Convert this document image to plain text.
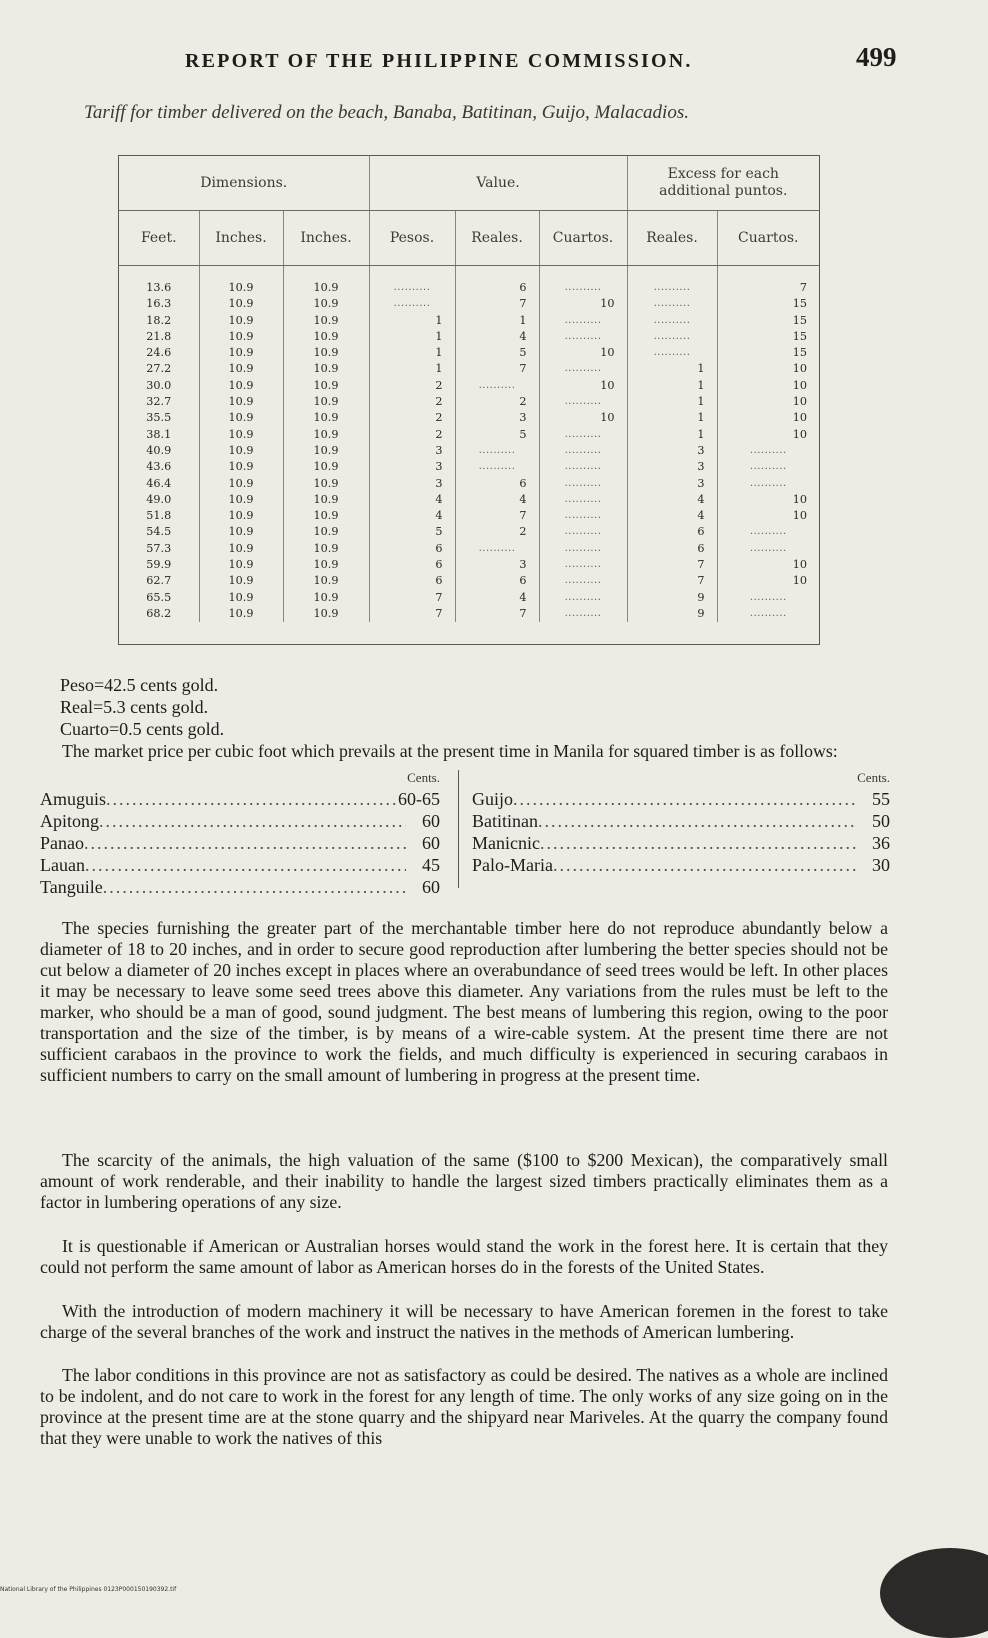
REPORT OF THE PHILIPPINE COMMISSION.	499
Tariff for timber delivered on the beach, Banaba, Batitinan, Guijo, Malacadios.
Dimensions.			Value.			Excess for each additional puntos.	
Feet.	Inches.	Inches.	Pesos.	Reales.	Cuartos.	Reales.	Cuartos.
13.6	10.9	10.9	..........	6	..........	..........	7
16.3	10.9	10.9	..........	7	10	..........	15
18.2	10.9	10.9	1	1	..........	..........	15
21.8	10.9	10.9	1	4	..........	..........	15
24.6	10.9	10.9	1	5	10	..........	15
27.2	10.9	10.9	1	7	..........	1	10
30.0	10.9	10.9	2	..........	10	1	10
32.7	10.9	10.9	2	2	..........	1	10
35.5	10.9	10.9	2	3	10	1	10
38.1	10.9	10.9	2	5	..........	1	10
40.9	10.9	10.9	3	..........	..........	3	..........
43.6	10.9	10.9	3	..........	..........	3	..........
46.4	10.9	10.9	3	6	..........	3	..........
49.0	10.9	10.9	4	4	..........	4	10
51.8	10.9	10.9	4	7	..........	4	10
54.5	10.9	10.9	5	2	..........	6	..........
57.3	10.9	10.9	6	..........	..........	6	..........
59.9	10.9	10.9	6	3	..........	7	10
62.7	10.9	10.9	6	6	..........	7	10
65.5	10.9	10.9	7	4	..........	9	..........
68.2	10.9	10.9	7	7	..........	9	..........
Peso=42.5 cents gold.
Real=5.3 cents gold.
Cuarto=0.5 cents gold.
The market price per cubic foot which prevails at the present time in Manila for squared timber is as follows:
Cents.
Amuguis .....	60-65
Apitong .....	60
Panao .....	60
Lauan .....	45
Tanguile .....	60
Cents.
Guijo .....	55
Batitinan .....	50
Manicnic .....	36
Palo-Maria .....	30
The species furnishing the greater part of the merchantable timber here do not reproduce abundantly below a diameter of 18 to 20 inches, and in order to secure good reproduction after lumbering the better species should not be cut below a diameter of 20 inches except in places where an overabundance of seed trees would be left. In other places it may be necessary to leave some seed trees above this diameter. Any variations from the rules must be left to the marker, who should be a man of good, sound judgment. The best means of lumbering this region, owing to the poor transportation and the size of the timber, is by means of a wire-cable system. At the present time there are not sufficient carabaos in the province to work the fields, and much difficulty is experienced in securing carabaos in sufficient numbers to carry on the small amount of lumbering in progress at the present time.
The scarcity of the animals, the high valuation of the same ($100 to $200 Mexican), the comparatively small amount of work renderable, and their inability to handle the largest sized timbers practically eliminates them as a factor in lumbering operations of any size.
It is questionable if American or Australian horses would stand the work in the forest here. It is certain that they could not perform the same amount of labor as American horses do in the forests of the United States.
With the introduction of modern machinery it will be necessary to have American foremen in the forest to take charge of the several branches of the work and instruct the natives in the methods of American lumbering.
The labor conditions in this province are not as satisfactory as could be desired. The natives as a whole are inclined to be indolent, and do not care to work in the forest for any length of time. The only works of any size going on in the province at the present time are at the stone quarry and the shipyard near Mariveles. At the quarry the company found that they were unable to work the natives of this
National Library of the Philippines 0123P000150190392.tif
